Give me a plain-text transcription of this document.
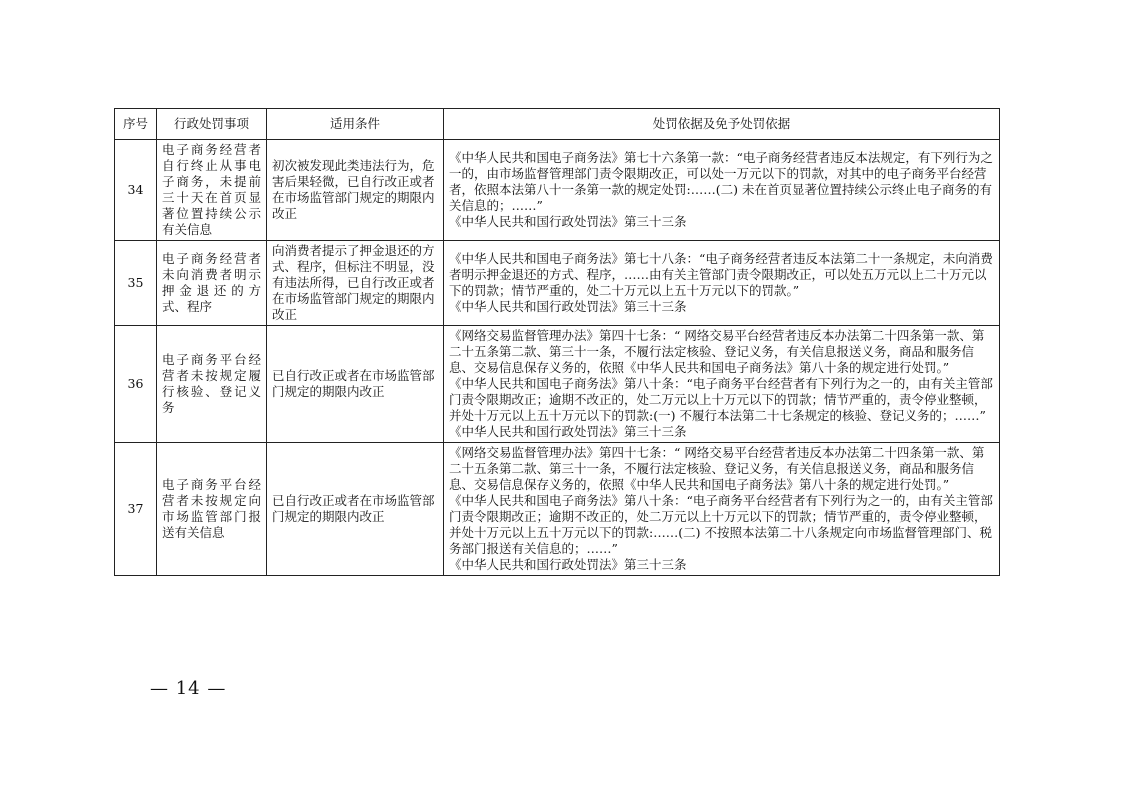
序号	行政处罚事项	适用条件	处罚依据及免予处罚依据
34	电子商务经营者自行终止从事电子商务，未提前三十天在首页显著位置持续公示有关信息	初次被发现此类违法行为，危害后果轻微，已自行改正或者在市场监管部门规定的期限内改正	《中华人民共和国电子商务法》第七十六条第一款：“电子商务经营者违反本法规定，有下列行为之一的，由市场监督管理部门责令限期改正，可以处一万元以下的罚款，对其中的电子商务平台经营者，依照本法第八十一条第一款的规定处罚:……(二) 未在首页显著位置持续公示终止电子商务的有关信息的；……”
《中华人民共和国行政处罚法》第三十三条

35	电子商务经营者未向消费者明示押金退还的方式、程序	向消费者提示了押金退还的方式、程序，但标注不明显，没有违法所得，已自行改正或者在市场监管部门规定的期限内改正	《中华人民共和国电子商务法》第七十八条：“电子商务经营者违反本法第二十一条规定，未向消费者明示押金退还的方式、程序，……由有关主管部门责令限期改正，可以处五万元以上二十万元以下的罚款；情节严重的，处二十万元以上五十万元以下的罚款。”
《中华人民共和国行政处罚法》第三十三条

36	电子商务平台经营者未按规定履行核验、登记义务	已自行改正或者在市场监管部门规定的期限内改正	《网络交易监督管理办法》第四十七条：“ 网络交易平台经营者违反本办法第二十四条第一款、第二十五条第二款、第三十一条，不履行法定核验、登记义务，有关信息报送义务，商品和服务信息、交易信息保存义务的，依照《中华人民共和国电子商务法》第八十条的规定进行处罚。”
《中华人民共和国电子商务法》第八十条：“电子商务平台经营者有下列行为之一的，由有关主管部门责令限期改正；逾期不改正的，处二万元以上十万元以下的罚款；情节严重的，责令停业整顿，并处十万元以上五十万元以下的罚款:(一) 不履行本法第二十七条规定的核验、登记义务的；……”
《中华人民共和国行政处罚法》第三十三条

37	电子商务平台经营者未按规定向市场监管部门报送有关信息	已自行改正或者在市场监管部门规定的期限内改正	《网络交易监督管理办法》第四十七条：“ 网络交易平台经营者违反本办法第二十四条第一款、第二十五条第二款、第三十一条，不履行法定核验、登记义务，有关信息报送义务，商品和服务信息、交易信息保存义务的，依照《中华人民共和国电子商务法》第八十条的规定进行处罚。”
《中华人民共和国电子商务法》第八十条：“电子商务平台经营者有下列行为之一的，由有关主管部门责令限期改正；逾期不改正的，处二万元以上十万元以下的罚款；情节严重的，责令停业整顿，并处十万元以上五十万元以下的罚款:……(二) 不按照本法第二十八条规定向市场监督管理部门、税务部门报送有关信息的；……”
《中华人民共和国行政处罚法》第三十三条
— 14 —
